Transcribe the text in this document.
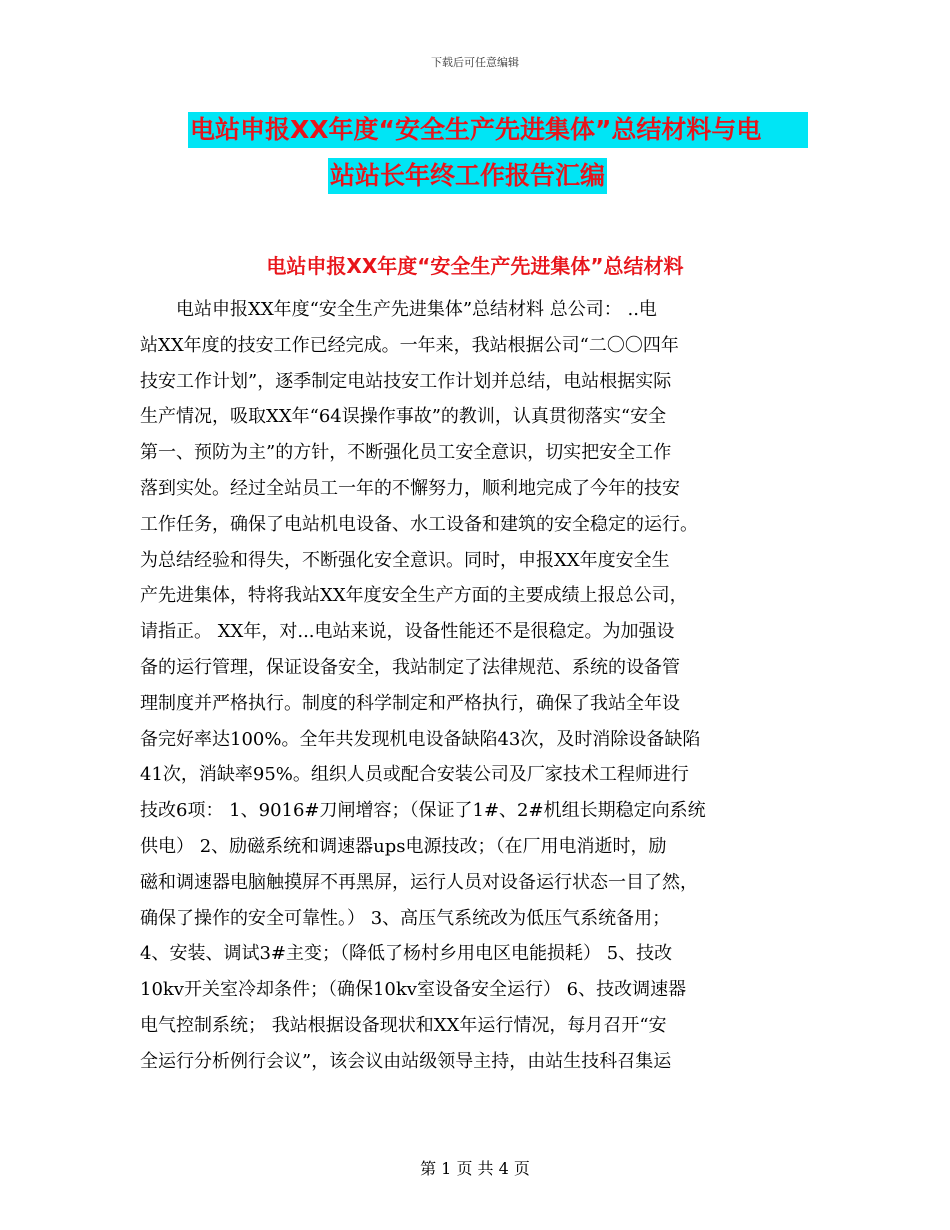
下载后可任意编辑
电站申报XX年度“安全生产先进集体”总结材料与电
站站长年终工作报告汇编
电站申报XX年度“安全生产先进集体”总结材料
　　电站申报XX年度“安全生产先进集体”总结材料 总公司： ..电
站XX年度的技安工作已经完成。一年来，我站根据公司“二〇〇四年
技安工作计划”，逐季制定电站技安工作计划并总结，电站根据实际
生产情况，吸取XX年“64误操作事故”的教训，认真贯彻落实“安全
第一、预防为主”的方针，不断强化员工安全意识，切实把安全工作
落到实处。经过全站员工一年的不懈努力，顺利地完成了今年的技安
工作任务，确保了电站机电设备、水工设备和建筑的安全稳定的运行。
为总结经验和得失，不断强化安全意识。同时，申报XX年度安全生
产先进集体，特将我站XX年度安全生产方面的主要成绩上报总公司，
请指正。 XX年，对...电站来说，设备性能还不是很稳定。为加强设
备的运行管理，保证设备安全，我站制定了法律规范、系统的设备管
理制度并严格执行。制度的科学制定和严格执行，确保了我站全年设
备完好率达100%。全年共发现机电设备缺陷43次，及时消除设备缺陷
41次，消缺率95%。组织人员或配合安装公司及厂家技术工程师进行
技改6项： 1、9016#刀闸增容；（保证了1#、2#机组长期稳定向系统
供电） 2、励磁系统和调速器ups电源技改；（在厂用电消逝时，励
磁和调速器电脑触摸屏不再黑屏，运行人员对设备运行状态一目了然，
确保了操作的安全可靠性。） 3、高压气系统改为低压气系统备用；
4、安装、调试3#主变；（降低了杨村乡用电区电能损耗） 5、技改
10kv开关室冷却条件；（确保10kv室设备安全运行） 6、技改调速器
电气控制系统； 我站根据设备现状和XX年运行情况，每月召开“安
全运行分析例行会议”，该会议由站级领导主持，由站生技科召集运
第 1 页 共 4 页
